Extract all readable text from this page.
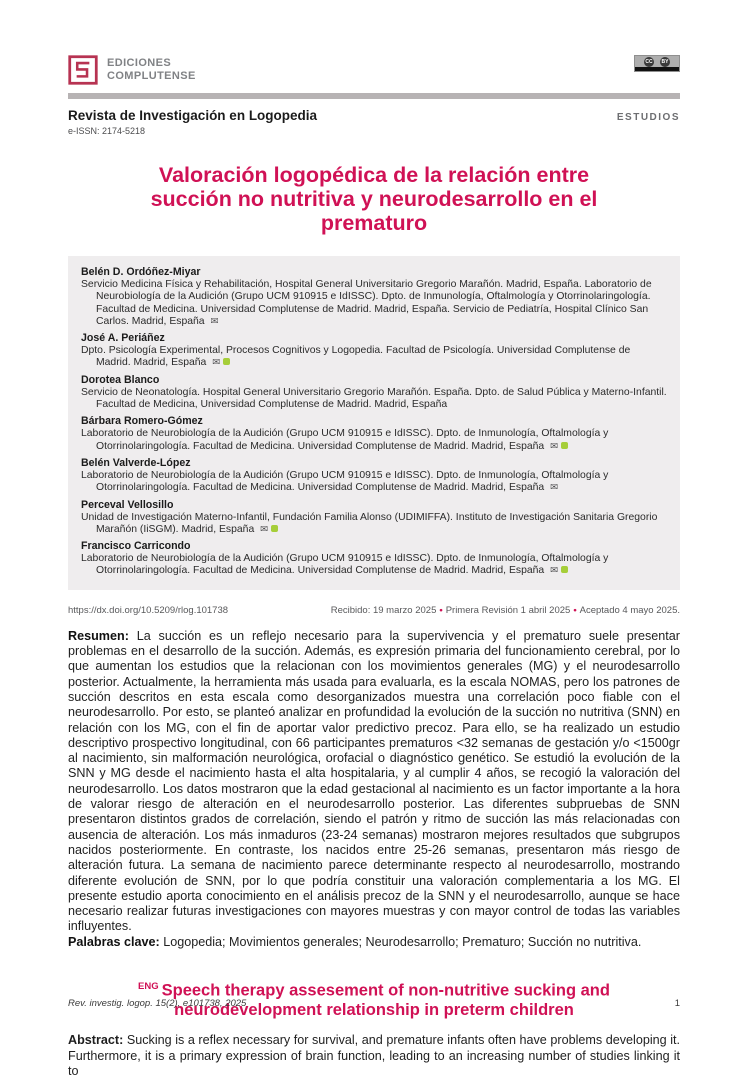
EDICIONES
COMPLUTENSE
CC	BY
Revista de Investigación en Logopedia	ESTUDIOS
e-ISSN: 2174-5218
Valoración logopédica de la relación entre succión no nutritiva y neurodesarrollo en el prematuro
Belén D. Ordóñez-Miyar
Servicio Medicina Física y Rehabilitación, Hospital General Universitario Gregorio Marañón. Madrid, España. Laboratorio de Neurobiología de la Audición (Grupo UCM 910915 e IdISSC). Dpto. de Inmunología, Oftalmología y Otorrinolaringología. Facultad de Medicina. Universidad Complutense de Madrid. Madrid, España. Servicio de Pediatría, Hospital Clínico San Carlos. Madrid, España ✉
José A. Periáñez
Dpto. Psicología Experimental, Procesos Cognitivos y Logopedia. Facultad de Psicología. Universidad Complutense de Madrid. Madrid, España ✉
Dorotea Blanco
Servicio de Neonatología. Hospital General Universitario Gregorio Marañón. España. Dpto. de Salud Pública y Materno-Infantil. Facultad de Medicina, Universidad Complutense de Madrid. Madrid, España
Bárbara Romero-Gómez
Laboratorio de Neurobiología de la Audición (Grupo UCM 910915 e IdISSC). Dpto. de Inmunología, Oftalmología y Otorrinolaringología. Facultad de Medicina. Universidad Complutense de Madrid. Madrid, España ✉
Belén Valverde-López
Laboratorio de Neurobiología de la Audición (Grupo UCM 910915 e IdISSC). Dpto. de Inmunología, Oftalmología y Otorrinolaringología. Facultad de Medicina. Universidad Complutense de Madrid. Madrid, España ✉
Perceval Vellosillo
Unidad de Investigación Materno-Infantil, Fundación Familia Alonso (UDIMIFFA). Instituto de Investigación Sanitaria Gregorio Marañón (IiSGM). Madrid, España ✉
Francisco Carricondo
Laboratorio de Neurobiología de la Audición (Grupo UCM 910915 e IdISSC). Dpto. de Inmunología, Oftalmología y Otorrinolaringología. Facultad de Medicina. Universidad Complutense de Madrid. Madrid, España ✉
https://dx.doi.org/10.5209/rlog.101738	Recibido: 19 marzo 2025 • Primera Revisión 1 abril 2025 • Aceptado 4 mayo 2025.

Resumen: La succión es un reflejo necesario para la supervivencia y el prematuro suele presentar problemas en el desarrollo de la succión. Además, es expresión primaria del funcionamiento cerebral, por lo que aumentan los estudios que la relacionan con los movimientos generales (MG) y el neurodesarrollo posterior. Actualmente, la herramienta más usada para evaluarla, es la escala NOMAS, pero los patrones de succión descritos en esta escala como desorganizados muestra una correlación poco fiable con el neurodesarrollo. Por esto, se planteó analizar en profundidad la evolución de la succión no nutritiva (SNN) en relación con los MG, con el fin de aportar valor predictivo precoz. Para ello, se ha realizado un estudio descriptivo prospectivo longitudinal, con 66 participantes prematuros <32 semanas de gestación y/o <1500gr al nacimiento, sin malformación neurológica, orofacial o diagnóstico genético. Se estudió la evolución de la SNN y MG desde el nacimiento hasta el alta hospitalaria, y al cumplir 4 años, se recogió la valoración del neurodesarrollo. Los datos mostraron que la edad gestacional al nacimiento es un factor importante a la hora de valorar riesgo de alteración en el neurodesarrollo posterior. Las diferentes subpruebas de SNN presentaron distintos grados de correlación, siendo el patrón y ritmo de succión las más relacionadas con ausencia de alteración. Los más inmaduros (23-24 semanas) mostraron mejores resultados que subgrupos nacidos posteriormente. En contraste, los nacidos entre 25-26 semanas, presentaron más riesgo de alteración futura. La semana de nacimiento parece determinante respecto al neurodesarrollo, mostrando diferente evolución de SNN, por lo que podría constituir una valoración complementaria a los MG. El presente estudio aporta conocimiento en el análisis precoz de la SNN y el neurodesarrollo, aunque se hace necesario realizar futuras investigaciones con mayores muestras y con mayor control de todas las variables influyentes.
Palabras clave: Logopedia; Movimientos generales; Neurodesarrollo; Prematuro; Succión no nutritiva.

$^{ENG}$ Speech therapy assesement of non-nutritive sucking and neurodevelopment relationship in preterm children

Abstract: Sucking is a reflex necessary for survival, and premature infants often have problems developing it. Furthermore, it is a primary expression of brain function, leading to an increasing number of studies linking it to

Rev. investig. logop. 15(2), e101738, 2025	1
